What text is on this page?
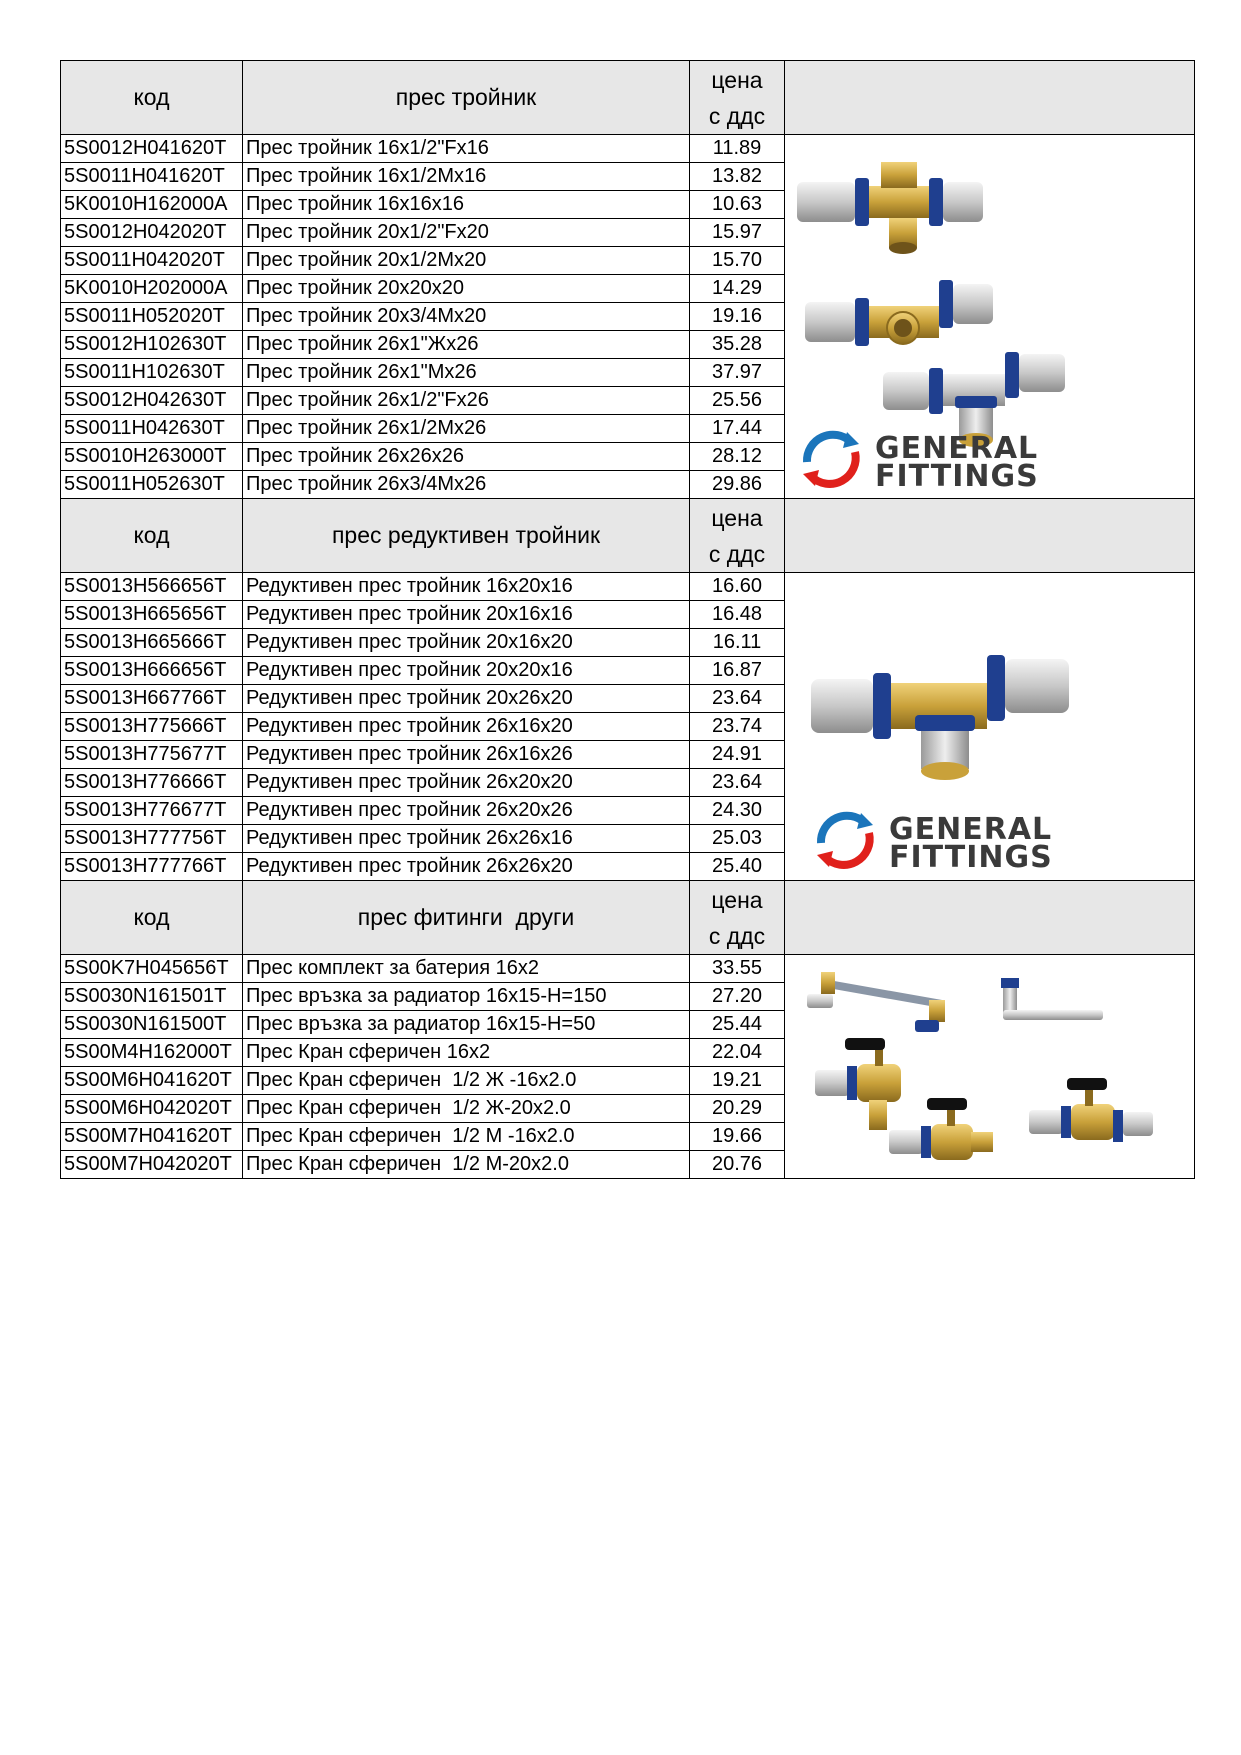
код	прес тройник	цена
с ддс	
5S0012H041620T	Прес тройник 16x1/2"Fx16	11.89	GENERAL
FITTINGS

5S0011H041620T	Прес тройник 16x1/2Mx16	13.82	
5K0010H162000A	Прес тройник 16x16x16	10.63	
5S0012H042020T	Прес тройник 20x1/2"Fx20	15.97	
5S0011H042020T	Прес тройник 20x1/2Mx20	15.70	
5K0010H202000A	Прес тройник 20x20x20	14.29	
5S0011H052020T	Прес тройник 20x3/4Mx20	19.16	
5S0012H102630T	Прес тройник 26x1"Жx26	35.28	
5S0011H102630T	Прес тройник 26x1"Mx26	37.97	
5S0012H042630T	Прес тройник 26x1/2"Fx26	25.56	
5S0011H042630T	Прес тройник 26x1/2Mx26	17.44	
5S0010H263000T	Прес тройник 26x26x26	28.12	
5S0011H052630T	Прес тройник 26x3/4Mx26	29.86	
код	прес редуктивен тройник	цена
с ддс	
5S0013H566656T	Редуктивен прес тройник 16x20x16	16.60	GENERAL
FITTINGS

5S0013H665656T	Редуктивен прес тройник 20x16x16	16.48	
5S0013H665666T	Редуктивен прес тройник 20x16x20	16.11	
5S0013H666656T	Редуктивен прес тройник 20x20x16	16.87	
5S0013H667766T	Редуктивен прес тройник 20x26x20	23.64	
5S0013H775666T	Редуктивен прес тройник 26x16x20	23.74	
5S0013H775677T	Редуктивен прес тройник 26x16x26	24.91	
5S0013H776666T	Редуктивен прес тройник 26x20x20	23.64	
5S0013H776677T	Редуктивен прес тройник 26x20x26	24.30	
5S0013H777756T	Редуктивен прес тройник 26x26x16	25.03	
5S0013H777766T	Редуктивен прес тройник 26x26x20	25.40	
код	прес фитинги  други	цена
с ддс	
5S00K7H045656T	Прес комплект за батерия 16x2	33.55	

5S0030N161501T	Прес връзка за радиатор 16x15-H=150	27.20	
5S0030N161500T	Прес връзка за радиатор 16x15-H=50	25.44	
5S00M4H162000T	Прес Кран сферичен 16x2	22.04	
5S00M6H041620T	Прес Кран сферичен  1/2 Ж -16x2.0	19.21	
5S00M6H042020T	Прес Кран сферичен  1/2 Ж-20x2.0	20.29	
5S00M7H041620T	Прес Кран сферичен  1/2 M -16x2.0	19.66	
5S00M7H042020T	Прес Кран сферичен  1/2 M-20x2.0	20.76	
